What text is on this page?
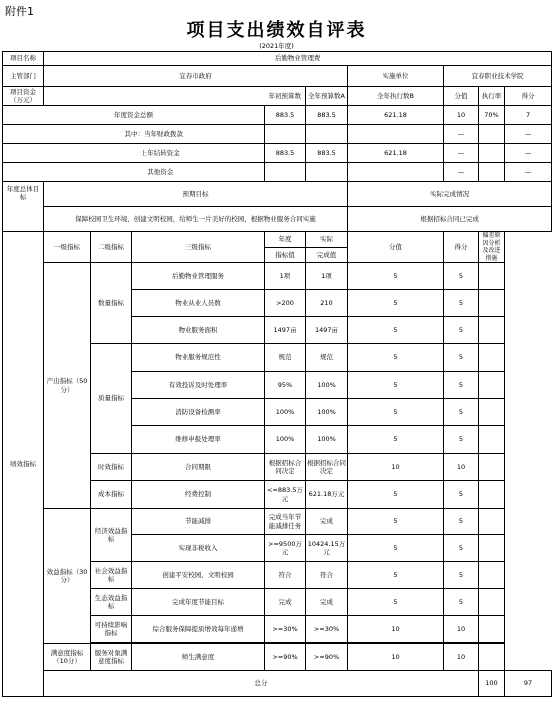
附件1
项目支出绩效自评表
(2021年度)
项目名称	后勤物业管理费									
主管部门	宜春市政府					实施单位	宜春职业技术学院			
项目资金（万元）				年初预算数	全年预算数A	全年执行数B	分值	执行率	得分	
年度资金总额				883.5	883.5	621.18	10	70%	7	
	其中：当年财政拨款						—		—	
	上年结转资金			883.5	883.5	621.18	—		—	
	其他资金						—		—	
年度总体目标	预期目标					实际完成情况				
	保障校园卫生环境，创建文明校园，给师生一片美好的校园，根据物业服务合同实施					根据招标合同已完成				
绩效指标	一级指标	二级指标	三级指标	年度	实际	分值	得分	偏差原因分析及改进措施		
				指标值	完成值					
	产出指标（50分）	数量指标	后勤物业管理服务	1项	1项	5	5			
			物业从业人员数	>200	210	5	5			
			物业服务面积	1497亩	1497亩	5	5			
		质量指标	物业服务规范性	规范	规范	5	5			
			有效投诉及时处理率	95%	100%	5	5			
			消防设备检测率	100%	100%	5	5			
			维修申报处理率	100%	100%	5	5			
		时效指标	合同期限	根据招标合同决定	根据招标合同决定	10	10			
		成本指标	经费控制	<=883.5万元	621.18万元	5	5			
	效益指标（30分）	经济效益指标	节能减排	完成当年节能减排任务	完成	5	5			
			实现非税收入	>=9500万元	10424.15万元	5	5			
		社会效益指标	创建平安校园、文明校园	符合	符合	5	5			
		生态效益指标	完成年度节能目标	完成	完成	5	5			
		可持续影响指标	综合服务保障提质增效每年递增	>=30%	>=30%	10	10			

	满意度指标（10分）	服务对象满意度指标	师生满意度	>=90%	>=90%	10	10			
	总分							100	97	
